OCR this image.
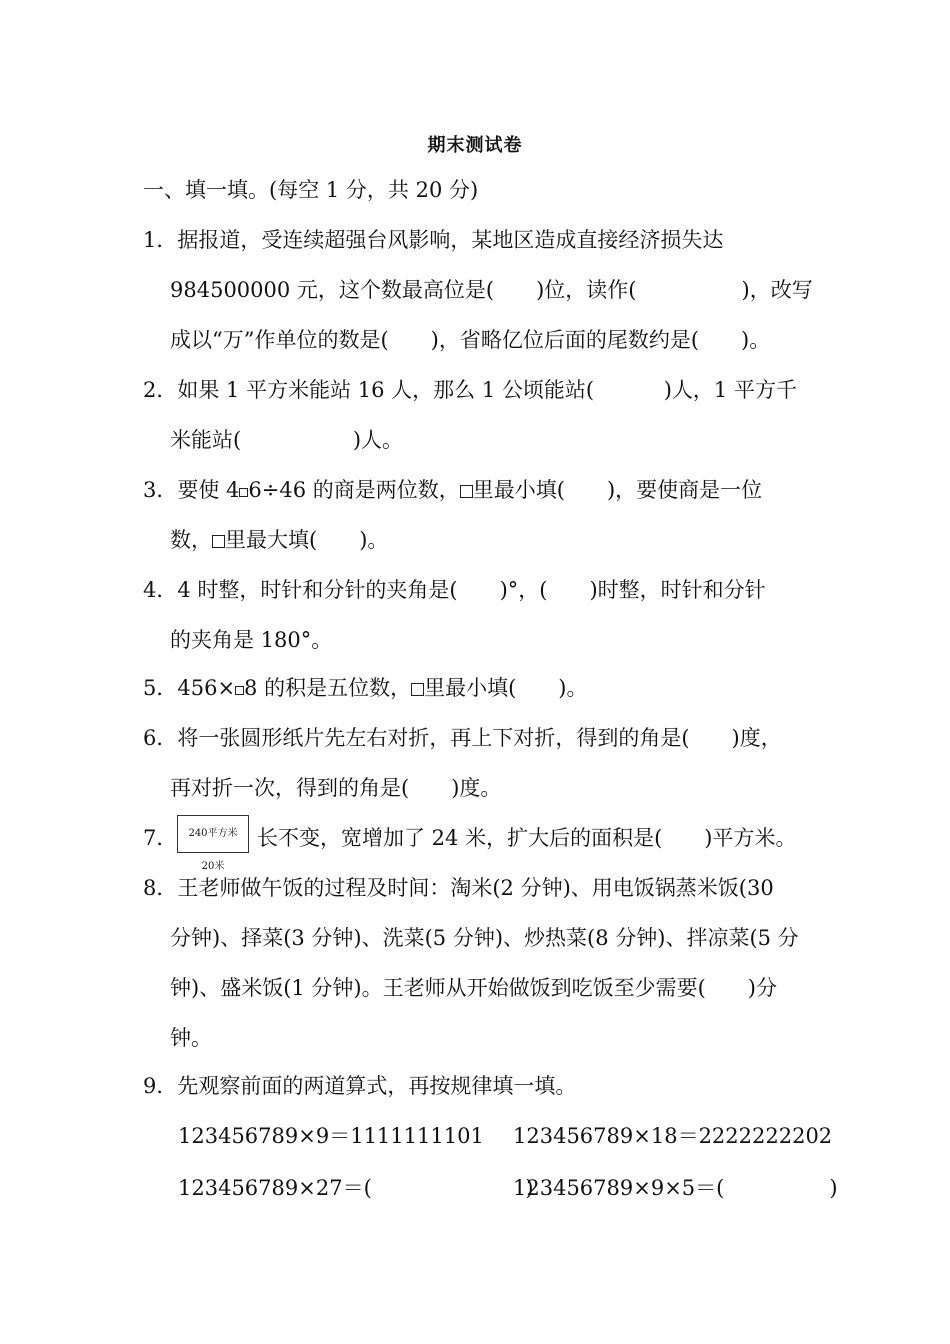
期末测试卷
一、填一填。(每空 1 分，共 20 分)
1．据报道，受连续超强台风影响，某地区造成直接经济损失达
984500000 元，这个数最高位是(　　)位，读作(　　　　　)，改写
成以“万”作单位的数是(　　)，省略亿位后面的尾数约是(　　)。
2．如果 1 平方米能站 16 人，那么 1 公顷能站(　　　 )人，1 平方千
米能站(　　　　　 )人。
3．要使 4 6÷46 的商是两位数， 里最小填(　　)，要使商是一位
数， 里最大填(　　)。
4．4 时整，时针和分针的夹角是(　　)°，(　　)时整，时针和分针
的夹角是 180°。
5．456× 8 的积是五位数， 里最小填(　　)。
6．将一张圆形纸片先左右对折，再上下对折，得到的角是(　　)度，
再对折一次，得到的角是(　　)度。
7．	240平方米
20米
长不变，宽增加了 24 米，扩大后的面积是(　　)平方米。
8．王老师做午饭的过程及时间：淘米(2 分钟)、用电饭锅蒸米饭(30
分钟)、择菜(3 分钟)、洗菜(5 分钟)、炒热菜(8 分钟)、拌凉菜(5 分
钟)、盛米饭(1 分钟)。王老师从开始做饭到吃饭至少需要(　　)分
钟。
9．先观察前面的两道算式，再按规律填一填。
123456789×9＝1111111101 123456789×18＝2222222202
123456789×27＝(　　　　　　　 )
123456789×9×5＝(　　　　　)
